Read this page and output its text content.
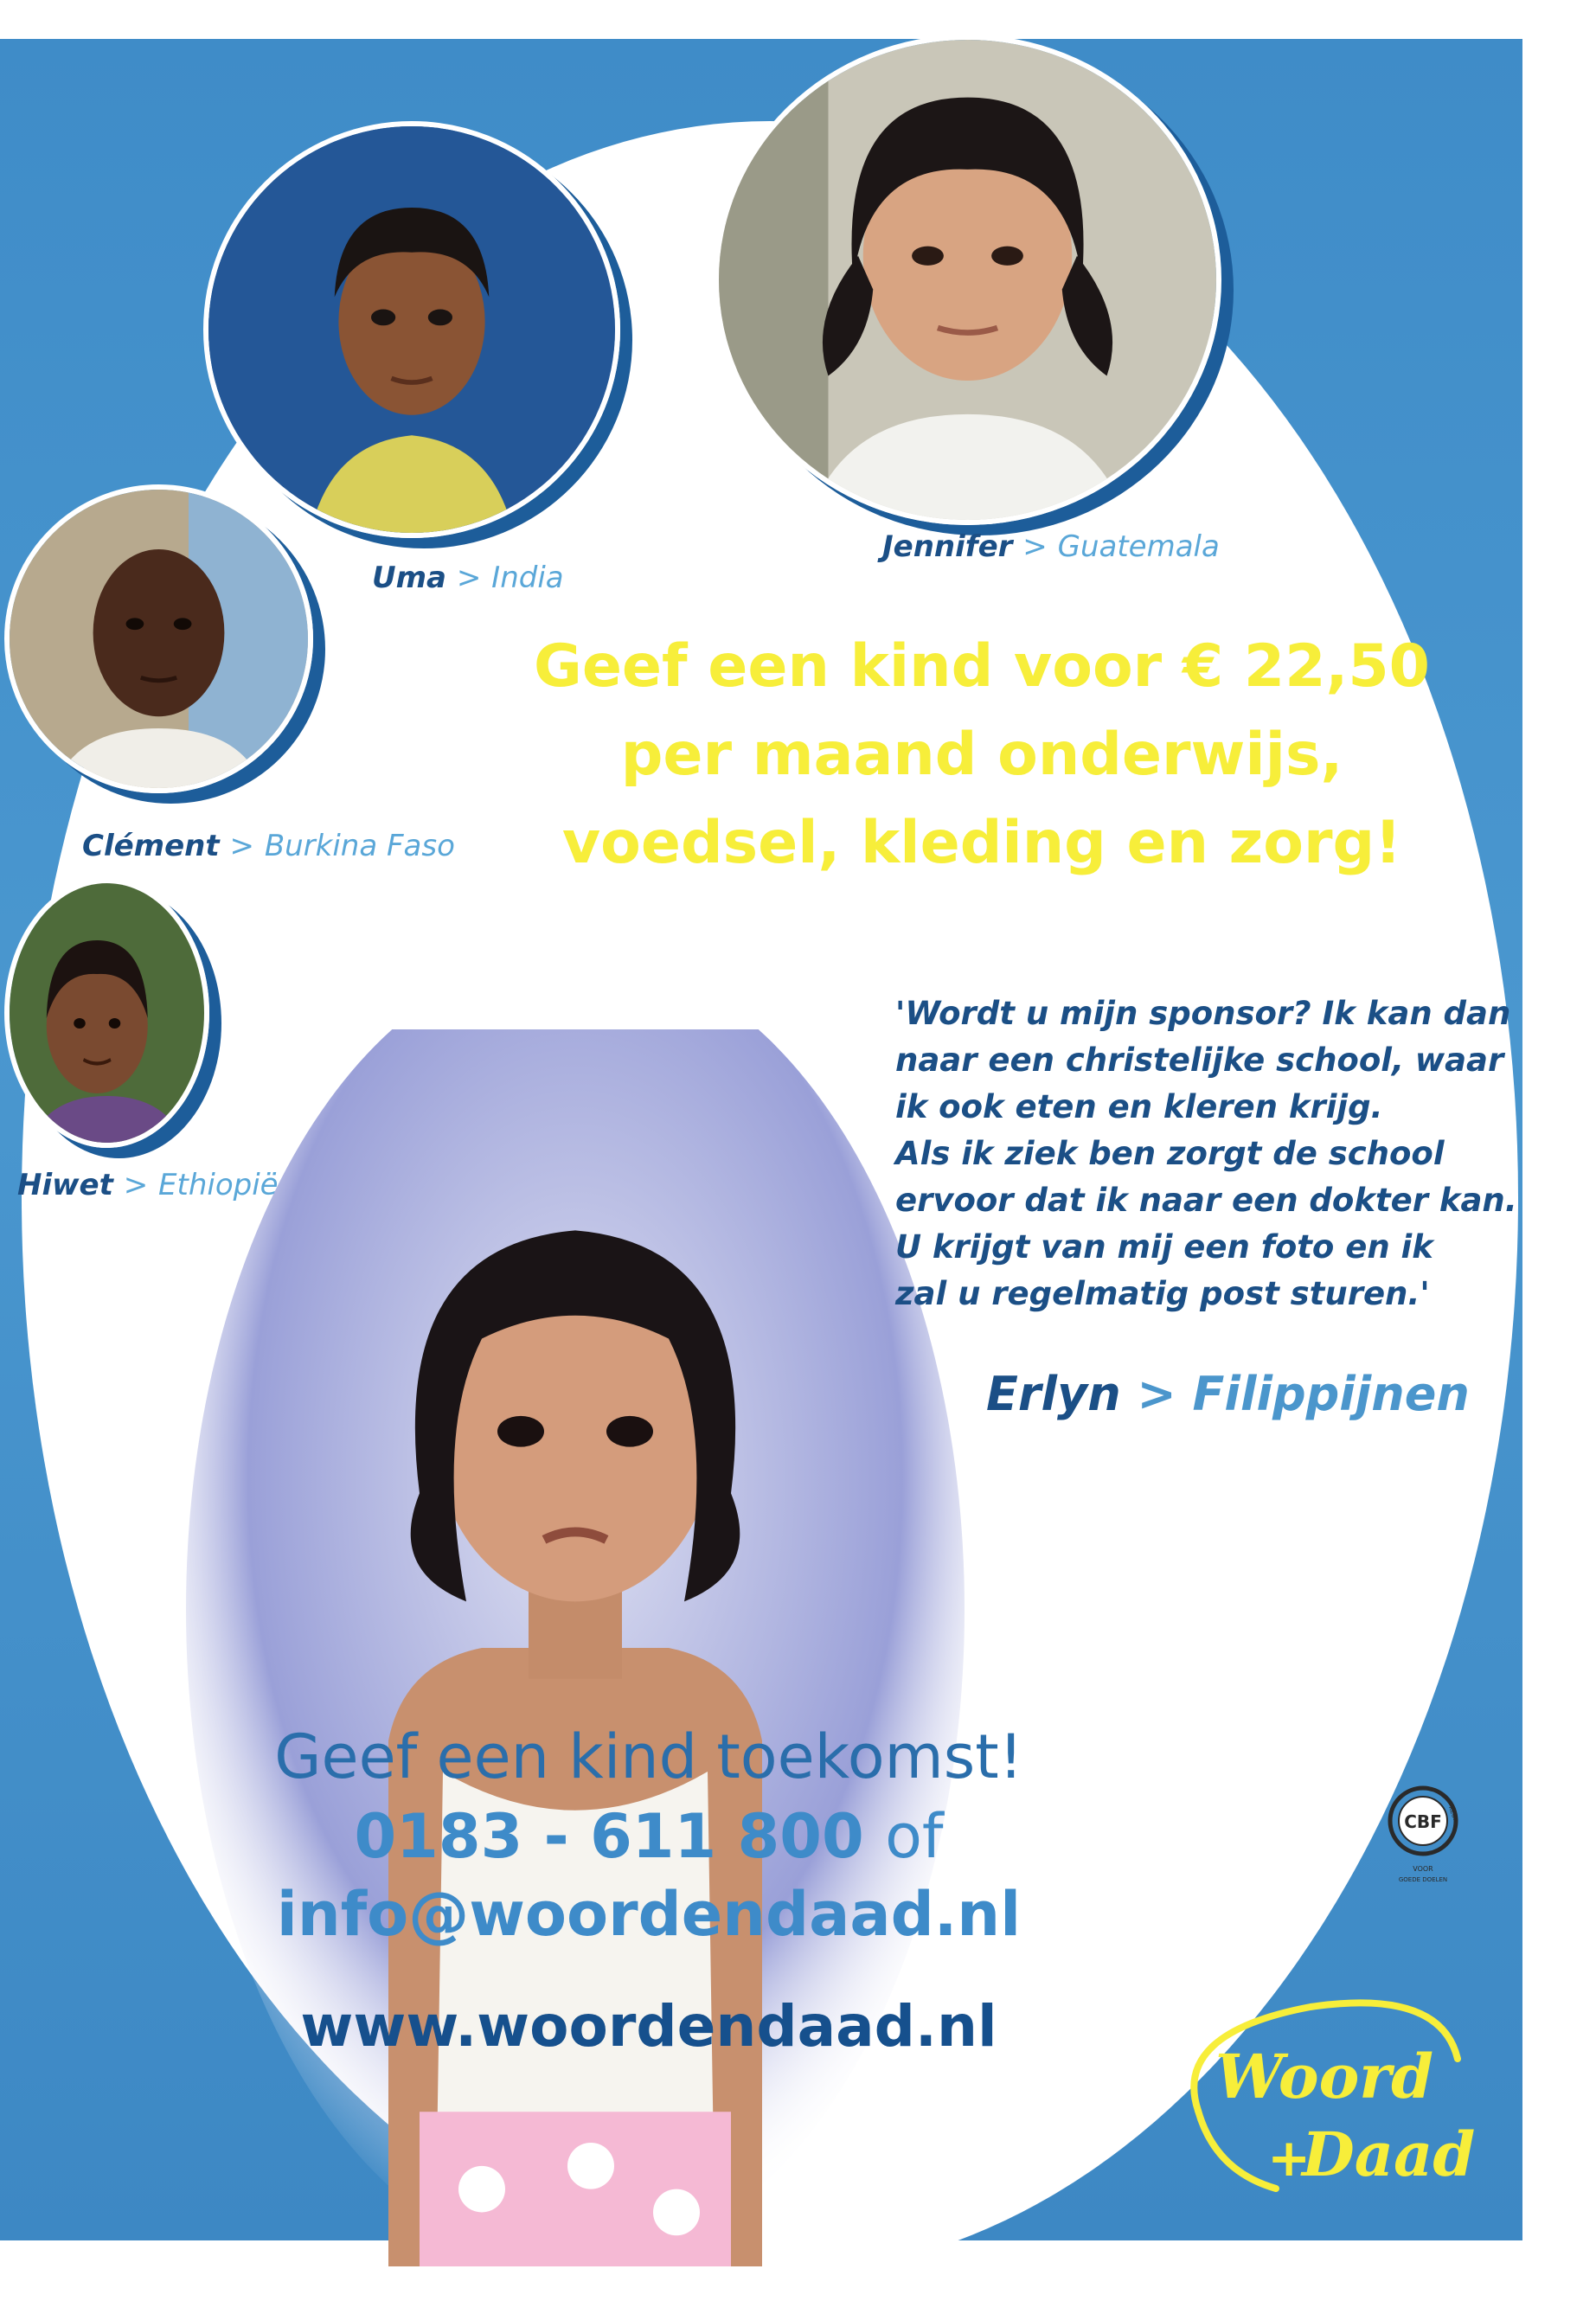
Uma > India
Jennifer > Guatemala
Clément > Burkina Faso
Hiwet > Ethiopië
Geef een kind voor € 22,50
per maand onderwijs,
voedsel, kleding en zorg!
'Wordt u mijn sponsor? Ik kan dan
naar een christelijke school, waar
ik ook eten en kleren krijg.
Als ik ziek ben zorgt de school
ervoor dat ik naar een dokter kan.
U krijgt van mij een foto en ik
zal u regelmatig post sturen.'
Erlyn > Filippijnen
Geef een kind toekomst!
0183 - 611 800 of
info@woordendaad.nl
www.woordendaad.nl
CBF KEUR
VOOR
GOEDE DOELEN
Woord
+
Daad
